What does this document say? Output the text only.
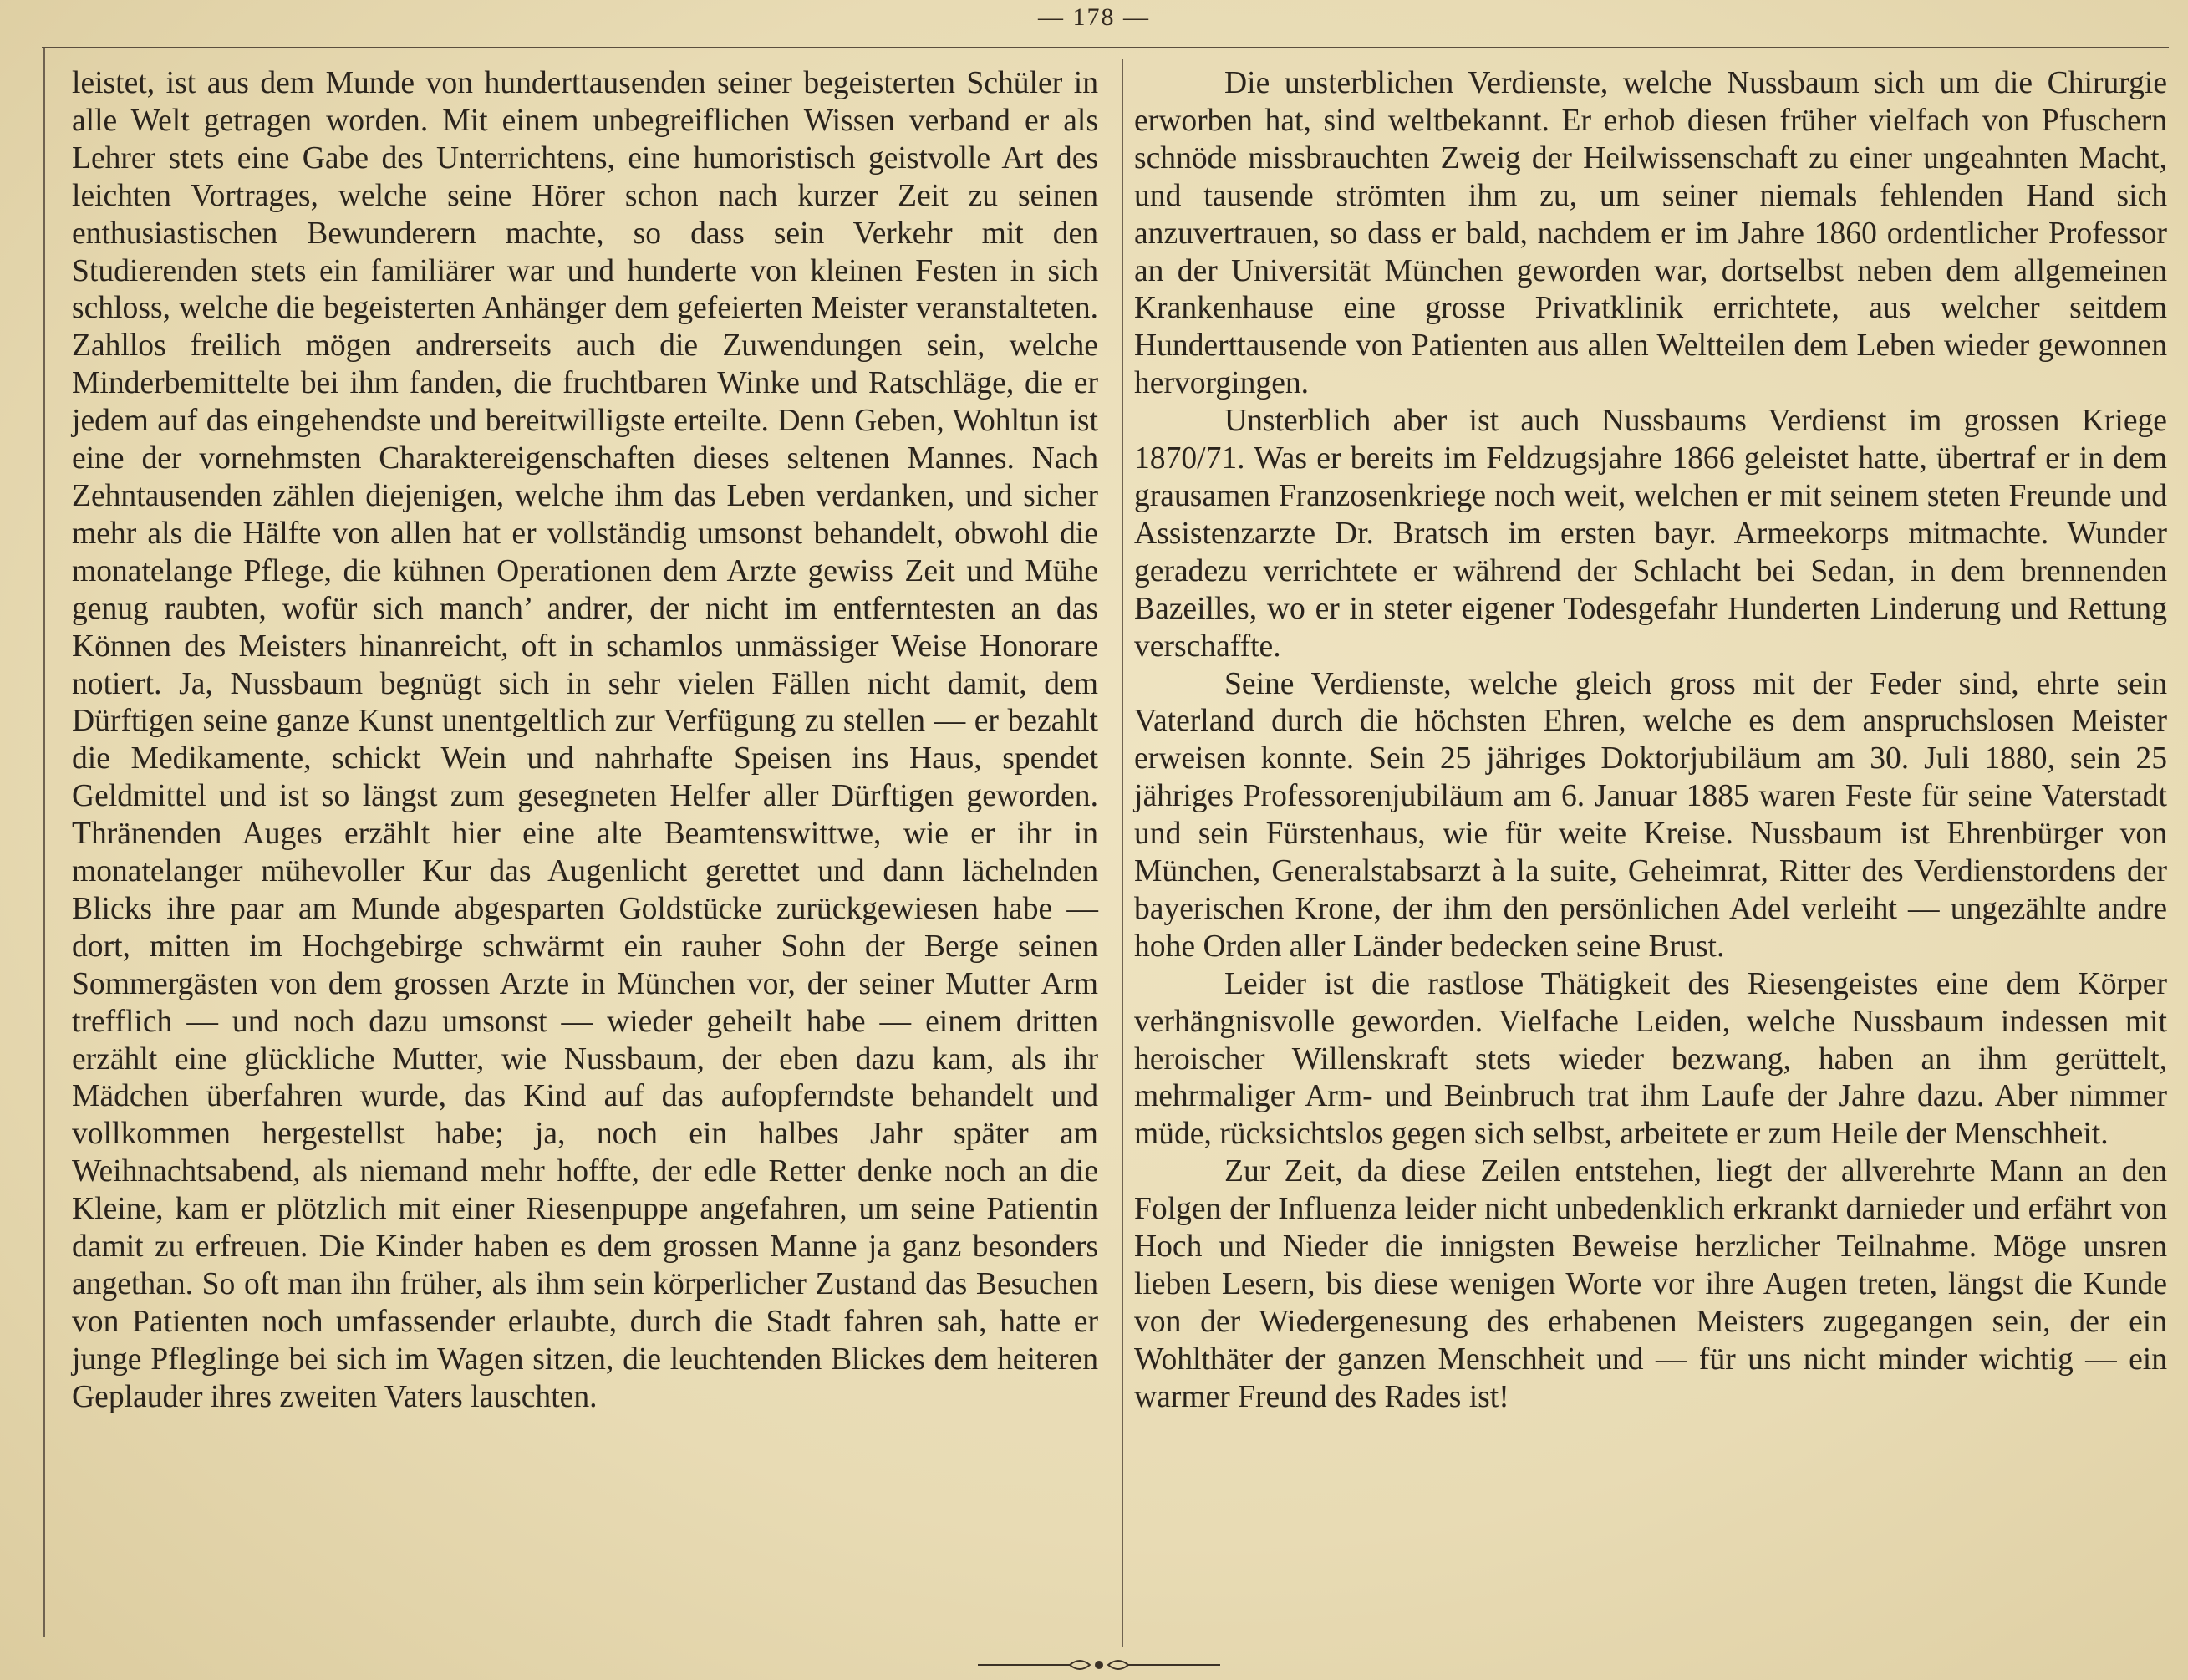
— 178 —

leistet, ist aus dem Munde von hunderttausenden seiner begeisterten Schüler in alle Welt getragen worden. Mit einem unbegreiflichen Wissen verband er als Lehrer stets eine Gabe des Unterrichtens, eine humoristisch geistvolle Art des leichten Vortrages, welche seine Hörer schon nach kurzer Zeit zu seinen enthusiastischen Bewunderern machte, so dass sein Verkehr mit den Studierenden stets ein familiärer war und hunderte von kleinen Festen in sich schloss, welche die begeisterten Anhänger dem gefeierten Meister veranstalteten. Zahllos freilich mögen andrerseits auch die Zuwendungen sein, welche Minderbemittelte bei ihm fanden, die fruchtbaren Winke und Ratschläge, die er jedem auf das eingehendste und bereitwilligste erteilte. Denn Geben, Wohltun ist eine der vornehmsten Charaktereigenschaften dieses seltenen Mannes. Nach Zehntausenden zählen diejenigen, welche ihm das Leben verdanken, und sicher mehr als die Hälfte von allen hat er vollständig umsonst behandelt, obwohl die monatelange Pflege, die kühnen Operationen dem Arzte gewiss Zeit und Mühe genug raubten, wofür sich manch’ andrer, der nicht im entferntesten an das Können des Meisters hinanreicht, oft in schamlos unmässiger Weise Honorare notiert. Ja, Nussbaum begnügt sich in sehr vielen Fällen nicht damit, dem Dürftigen seine ganze Kunst unentgeltlich zur Verfügung zu stellen — er bezahlt die Medikamente, schickt Wein und nahrhafte Speisen ins Haus, spendet Geldmittel und ist so längst zum gesegneten Helfer aller Dürftigen geworden. Thränenden Auges erzählt hier eine alte Beamtenswittwe, wie er ihr in monatelanger mühevoller Kur das Augenlicht gerettet und dann lächelnden Blicks ihre paar am Munde abgesparten Goldstücke zurückgewiesen habe — dort, mitten im Hochgebirge schwärmt ein rauher Sohn der Berge seinen Sommergästen von dem grossen Arzte in München vor, der seiner Mutter Arm trefflich — und noch dazu umsonst — wieder geheilt habe — einem dritten erzählt eine glückliche Mutter, wie Nussbaum, der eben dazu kam, als ihr Mädchen überfahren wurde, das Kind auf das aufopferndste behandelt und vollkommen hergestellst habe; ja, noch ein halbes Jahr später am Weihnachtsabend, als niemand mehr hoffte, der edle Retter denke noch an die Kleine, kam er plötzlich mit einer Riesenpuppe angefahren, um seine Patientin damit zu erfreuen. Die Kinder haben es dem grossen Manne ja ganz besonders angethan. So oft man ihn früher, als ihm sein körperlicher Zustand das Besuchen von Patienten noch umfassender erlaubte, durch die Stadt fahren sah, hatte er junge Pfleglinge bei sich im Wagen sitzen, die leuchtenden Blickes dem heiteren Geplauder ihres zweiten Vaters lauschten.

Die unsterblichen Verdienste, welche Nussbaum sich um die Chirurgie erworben hat, sind weltbekannt. Er erhob diesen früher vielfach von Pfuschern schnöde missbrauchten Zweig der Heilwissenschaft zu einer ungeahnten Macht, und tausende strömten ihm zu, um seiner niemals fehlenden Hand sich anzuvertrauen, so dass er bald, nachdem er im Jahre 1860 ordentlicher Professor an der Universität München geworden war, dortselbst neben dem allgemeinen Krankenhause eine grosse Privatklinik errichtete, aus welcher seitdem Hunderttausende von Patienten aus allen Weltteilen dem Leben wieder gewonnen hervorgingen.

Unsterblich aber ist auch Nussbaums Verdienst im grossen Kriege 1870/71. Was er bereits im Feldzugsjahre 1866 geleistet hatte, übertraf er in dem grausamen Franzosenkriege noch weit, welchen er mit seinem steten Freunde und Assistenzarzte Dr. Bratsch im ersten bayr. Armeekorps mitmachte. Wunder geradezu verrichtete er während der Schlacht bei Sedan, in dem brennenden Bazeilles, wo er in steter eigener Todesgefahr Hunderten Linderung und Rettung verschaffte.

Seine Verdienste, welche gleich gross mit der Feder sind, ehrte sein Vaterland durch die höchsten Ehren, welche es dem anspruchslosen Meister erweisen konnte. Sein 25 jähriges Doktorjubiläum am 30. Juli 1880, sein 25 jähriges Professorenjubiläum am 6. Januar 1885 waren Feste für seine Vaterstadt und sein Fürstenhaus, wie für weite Kreise. Nussbaum ist Ehrenbürger von München, Generalstabsarzt à la suite, Geheimrat, Ritter des Verdienstordens der bayerischen Krone, der ihm den persönlichen Adel verleiht — ungezählte andre hohe Orden aller Länder bedecken seine Brust.

Leider ist die rastlose Thätigkeit des Riesengeistes eine dem Körper verhängnisvolle geworden. Vielfache Leiden, welche Nussbaum indessen mit heroischer Willenskraft stets wieder bezwang, haben an ihm gerüttelt, mehrmaliger Arm- und Beinbruch trat ihm Laufe der Jahre dazu. Aber nimmer müde, rücksichtslos gegen sich selbst, arbeitete er zum Heile der Menschheit.

Zur Zeit, da diese Zeilen entstehen, liegt der allverehrte Mann an den Folgen der Influenza leider nicht unbedenklich erkrankt darnieder und erfährt von Hoch und Nieder die innigsten Beweise herzlicher Teilnahme. Möge unsren lieben Lesern, bis diese wenigen Worte vor ihre Augen treten, längst die Kunde von der Wiedergenesung des erhabenen Meisters zugegangen sein, der ein Wohlthäter der ganzen Menschheit und — für uns nicht minder wichtig — ein warmer Freund des Rades ist!
